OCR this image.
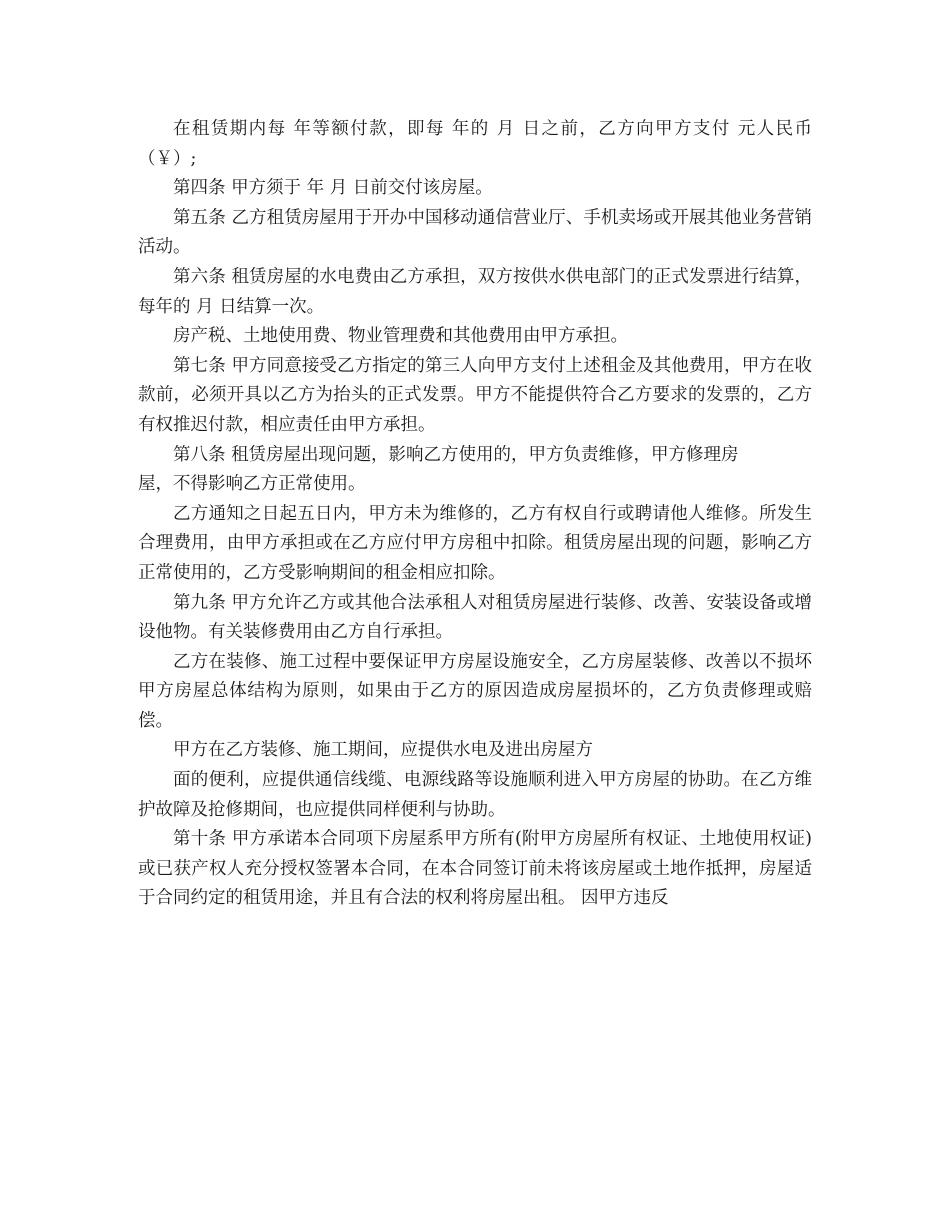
在租赁期内每 年等额付款，即每 年的 月 日之前，乙方向甲方支付 元人民币（￥）;

第四条 甲方须于 年 月 日前交付该房屋。

第五条 乙方租赁房屋用于开办中国移动通信营业厅、手机卖场或开展其他业务营销活动。

第六条 租赁房屋的水电费由乙方承担，双方按供水供电部门的正式发票进行结算，每年的 月 日结算一次。

房产税、土地使用费、物业管理费和其他费用由甲方承担。

第七条 甲方同意接受乙方指定的第三人向甲方支付上述租金及其他费用，甲方在收款前，必须开具以乙方为抬头的正式发票。甲方不能提供符合乙方要求的发票的，乙方有权推迟付款，相应责任由甲方承担。

第八条 租赁房屋出现问题，影响乙方使用的，甲方负责维修，甲方修理房

屋，不得影响乙方正常使用。

乙方通知之日起五日内，甲方未为维修的，乙方有权自行或聘请他人维修。所发生合理费用，由甲方承担或在乙方应付甲方房租中扣除。租赁房屋出现的问题，影响乙方正常使用的，乙方受影响期间的租金相应扣除。

第九条 甲方允许乙方或其他合法承租人对租赁房屋进行装修、改善、安装设备或增设他物。有关装修费用由乙方自行承担。

乙方在装修、施工过程中要保证甲方房屋设施安全，乙方房屋装修、改善以不损坏甲方房屋总体结构为原则，如果由于乙方的原因造成房屋损坏的，乙方负责修理或赔偿。

甲方在乙方装修、施工期间，应提供水电及进出房屋方

面的便利，应提供通信线缆、电源线路等设施顺利进入甲方房屋的协助。在乙方维护故障及抢修期间，也应提供同样便利与协助。

第十条 甲方承诺本合同项下房屋系甲方所有(附甲方房屋所有权证、土地使用权证)或已获产权人充分授权签署本合同，在本合同签订前未将该房屋或土地作抵押，房屋适于合同约定的租赁用途，并且有合法的权利将房屋出租。 因甲方违反
